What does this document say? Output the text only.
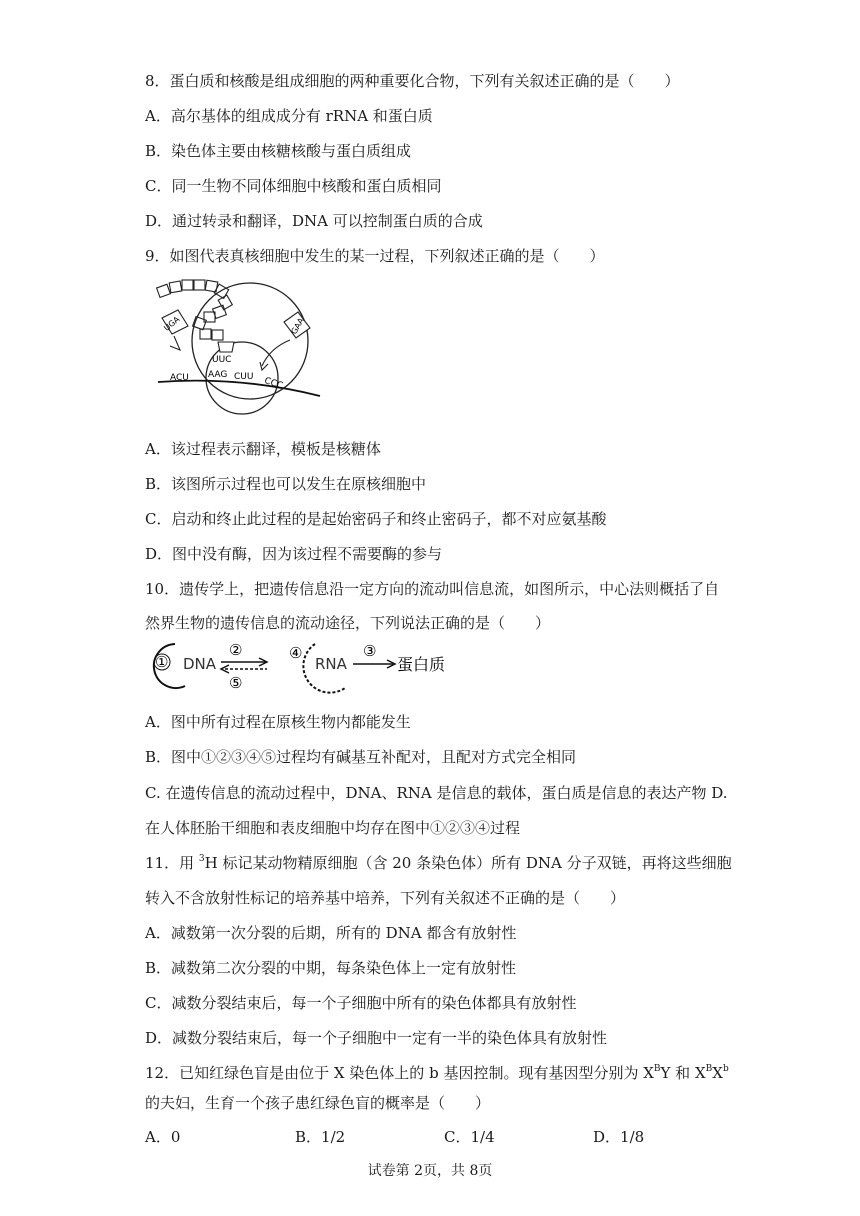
8．蛋白质和核酸是组成细胞的两种重要化合物，下列有关叙述正确的是（　　）
A．高尔基体的组成成分有 rRNA 和蛋白质
B．染色体主要由核糖核酸与蛋白质组成
C．同一生物不同体细胞中核酸和蛋白质相同
D．通过转录和翻译，DNA 可以控制蛋白质的合成
9．如图代表真核细胞中发生的某一过程，下列叙述正确的是（　　）
UGA	GAA
UUC
ACU AAG CUU CCC
A．该过程表示翻译，模板是核糖体
B．该图所示过程也可以发生在原核细胞中
C．启动和终止此过程的是起始密码子和终止密码子，都不对应氨基酸
D．图中没有酶，因为该过程不需要酶的参与
10．遗传学上，把遗传信息沿一定方向的流动叫信息流，如图所示，中心法则概括了自
然界生物的遗传信息的流动途径，下列说法正确的是（　　）
① DNA
②
⑤
④
RNA
③
蛋白质
A．图中所有过程在原核生物内都能发生
B．图中①②③④⑤过程均有碱基互补配对，且配对方式完全相同
C. 在遗传信息的流动过程中，DNA、RNA 是信息的载体，蛋白质是信息的表达产物 D.
在人体胚胎干细胞和表皮细胞中均存在图中①②③④过程
11．用 $^3$H 标记某动物精原细胞（含 20 条染色体）所有 DNA 分子双链，再将这些细胞
转入不含放射性标记的培养基中培养，下列有关叙述不正确的是（　　）
A．减数第一次分裂的后期，所有的 DNA 都含有放射性
B．减数第二次分裂的中期，每条染色体上一定有放射性
C．减数分裂结束后，每一个子细胞中所有的染色体都具有放射性
D．减数分裂结束后，每一个子细胞中一定有一半的染色体具有放射性
12．已知红绿色盲是由位于 X 染色体上的 b 基因控制。现有基因型分别为 $X^BY$ 和 $X^BX^b$
的夫妇，生育一个孩子患红绿色盲的概率是（　　）
A．0	B．1/2	C．1/4	D．1/8
试卷第 2页，共 8页
